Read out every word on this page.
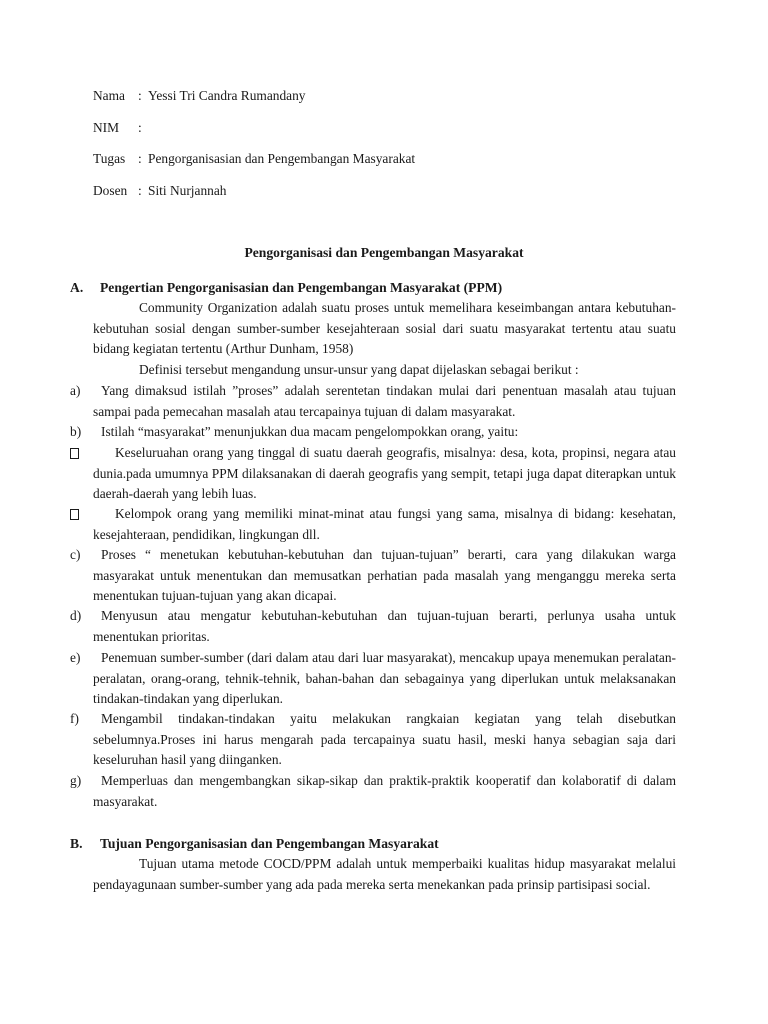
Nama : Yessi Tri Candra Rumandany
NIM	:
Tugas : Pengorganisasian dan Pengembangan Masyarakat
Dosen : Siti Nurjannah
Pengorganisasi dan Pengembangan Masyarakat
A. Pengertian Pengorganisasian dan Pengembangan Masyarakat (PPM)
Community Organization adalah suatu proses untuk memelihara keseimbangan antara kebutuhan-kebutuhan sosial dengan sumber-sumber kesejahteraan sosial dari suatu masyarakat tertentu atau suatu bidang kegiatan tertentu (Arthur Dunham, 1958)
Definisi tersebut mengandung unsur-unsur yang dapat dijelaskan sebagai berikut :
a)	Yang dimaksud istilah ”proses” adalah serentetan tindakan mulai dari penentuan masalah atau tujuan sampai pada pemecahan masalah atau tercapainya tujuan di dalam masyarakat.
b)	Istilah “masyarakat” menunjukkan dua macam pengelompokkan orang, yaitu:
Keseluruahan orang yang tinggal di suatu daerah geografis, misalnya: desa, kota, propinsi, negara atau dunia.pada umumnya PPM dilaksanakan di daerah geografis yang sempit, tetapi juga dapat diterapkan untuk daerah-daerah yang lebih luas.
Kelompok orang yang memiliki minat-minat atau fungsi yang sama, misalnya di bidang: kesehatan, kesejahteraan, pendidikan, lingkungan dll.
c)	Proses “ menetukan kebutuhan-kebutuhan dan tujuan-tujuan” berarti, cara yang dilakukan warga masyarakat untuk menentukan dan memusatkan perhatian pada masalah yang menganggu mereka serta menentukan tujuan-tujuan yang akan dicapai.
d)	Menyusun atau mengatur kebutuhan-kebutuhan dan tujuan-tujuan berarti, perlunya usaha untuk menentukan prioritas.
e)	Penemuan sumber-sumber (dari dalam atau dari luar masyarakat), mencakup upaya menemukan peralatan-peralatan, orang-orang, tehnik-tehnik, bahan-bahan dan sebagainya yang diperlukan untuk melaksanakan tindakan-tindakan yang diperlukan.
f)	Mengambil tindakan-tindakan yaitu melakukan rangkaian kegiatan yang telah disebutkan sebelumnya.Proses ini harus mengarah pada tercapainya suatu hasil, meski hanya sebagian saja dari keseluruhan hasil yang diinganken.
g)	Memperluas dan mengembangkan sikap-sikap dan praktik-praktik kooperatif dan kolaboratif di dalam masyarakat.
B. Tujuan Pengorganisasian dan Pengembangan Masyarakat
Tujuan utama metode COCD/PPM adalah untuk memperbaiki kualitas hidup masyarakat melalui pendayagunaan sumber-sumber yang ada pada mereka serta menekankan pada prinsip partisipasi social.
